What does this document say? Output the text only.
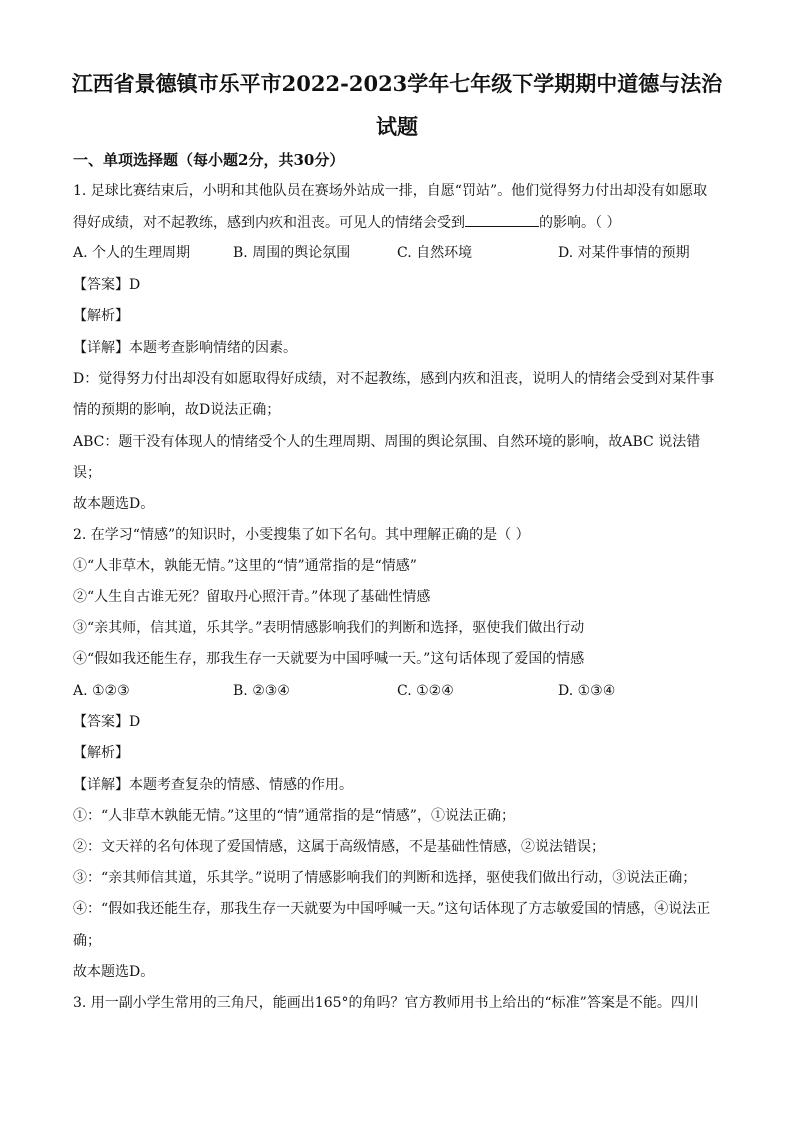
江西省景德镇市乐平市2022-2023学年七年级下学期期中道德与法治
试题
一、单项选择题（每小题2分，共30分）
1. 足球比赛结束后，小明和其他队员在赛场外站成一排，自愿“罚站”。他们觉得努力付出却没有如愿取
得好成绩，对不起教练，感到内疚和沮丧。可见人的情绪会受到	的影响。（ ）
A. 个人的生理周期	B. 周围的舆论氛围	C. 自然环境	D. 对某件事情的预期
【答案】D
【解析】
【详解】本题考查影响情绪的因素。
D：觉得努力付出却没有如愿取得好成绩，对不起教练，感到内疚和沮丧，说明人的情绪会受到对某件事
情的预期的影响，故D说法正确；
ABC：题干没有体现人的情绪受个人的生理周期、周围的舆论氛围、自然环境的影响，故ABC 说法错
误；
故本题选D。
2. 在学习“情感”的知识时，小雯搜集了如下名句。其中理解正确的是（ ）
①“人非草木，孰能无情。”这里的“情”通常指的是“情感”
②“人生自古谁无死？留取丹心照汗青。”体现了基础性情感
③“亲其师，信其道，乐其学。”表明情感影响我们的判断和选择，驱使我们做出行动
④“假如我还能生存，那我生存一天就要为中国呼喊一天。”这句话体现了爱国的情感
A. ①②③	B. ②③④	C. ①②④	D. ①③④
【答案】D
【解析】
【详解】本题考查复杂的情感、情感的作用。
①：“人非草木孰能无情。”这里的“情”通常指的是“情感”，①说法正确；
②：文天祥的名句体现了爱国情感，这属于高级情感，不是基础性情感，②说法错误；
③：“亲其师信其道，乐其学。”说明了情感影响我们的判断和选择，驱使我们做出行动，③说法正确；
④：“假如我还能生存，那我生存一天就要为中国呼喊一天。”这句话体现了方志敏爱国的情感，④说法正
确；
故本题选D。
3. 用一副小学生常用的三角尺，能画出165°的角吗？官方教师用书上给出的“标准”答案是不能。四川
